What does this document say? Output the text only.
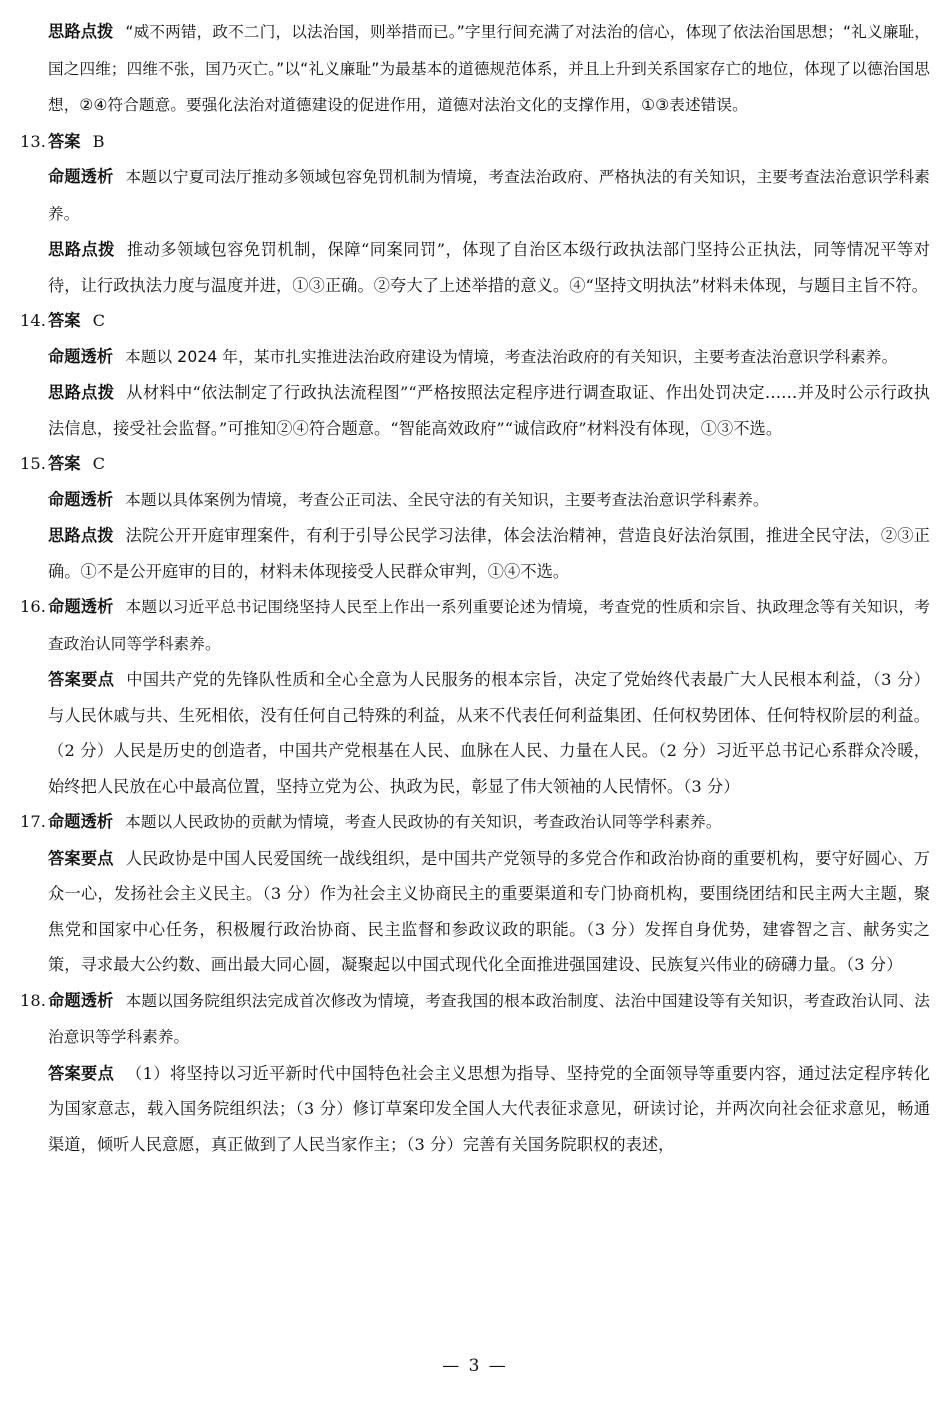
思路点拨 “威不两错，政不二门，以法治国，则举措而已。”字里行间充满了对法治的信心，体现了依法治国思想；“礼义廉耻，国之四维；四维不张，国乃灭亡。”以“礼义廉耻”为最基本的道德规范体系，并且上升到关系国家存亡的地位，体现了以德治国思想，②④符合题意。要强化法治对道德建设的促进作用，道德对法治文化的支撑作用，①③表述错误。

13. 答案 B

命题透析 本题以宁夏司法厅推动多领域包容免罚机制为情境，考查法治政府、严格执法的有关知识，主要考查法治意识学科素养。

思路点拨 推动多领域包容免罚机制，保障“同案同罚”，体现了自治区本级行政执法部门坚持公正执法，同等情况平等对待，让行政执法力度与温度并进，①③正确。②夸大了上述举措的意义。④“坚持文明执法”材料未体现，与题目主旨不符。

14. 答案 C

命题透析 本题以 2024 年，某市扎实推进法治政府建设为情境，考查法治政府的有关知识，主要考查法治意识学科素养。

思路点拨 从材料中“依法制定了行政执法流程图”“严格按照法定程序进行调查取证、作出处罚决定……并及时公示行政执法信息，接受社会监督。”可推知②④符合题意。“智能高效政府”“诚信政府”材料没有体现，①③不选。

15. 答案 C

命题透析 本题以具体案例为情境，考查公正司法、全民守法的有关知识，主要考查法治意识学科素养。

思路点拨 法院公开开庭审理案件，有利于引导公民学习法律，体会法治精神，营造良好法治氛围，推进全民守法，②③正确。①不是公开庭审的目的，材料未体现接受人民群众审判，①④不选。

16. 命题透析 本题以习近平总书记围绕坚持人民至上作出一系列重要论述为情境，考查党的性质和宗旨、执政理念等有关知识，考查政治认同等学科素养。

答案要点 中国共产党的先锋队性质和全心全意为人民服务的根本宗旨，决定了党始终代表最广大人民根本利益，（3 分）与人民休戚与共、生死相依，没有任何自己特殊的利益，从来不代表任何利益集团、任何权势团体、任何特权阶层的利益。（2 分）人民是历史的创造者，中国共产党根基在人民、血脉在人民、力量在人民。（2 分）习近平总书记心系群众冷暖，始终把人民放在心中最高位置，坚持立党为公、执政为民，彰显了伟大领袖的人民情怀。（3 分）

17. 命题透析 本题以人民政协的贡献为情境，考查人民政协的有关知识，考查政治认同等学科素养。

答案要点 人民政协是中国人民爱国统一战线组织，是中国共产党领导的多党合作和政治协商的重要机构，要守好圆心、万众一心，发扬社会主义民主。（3 分）作为社会主义协商民主的重要渠道和专门协商机构，要围绕团结和民主两大主题，聚焦党和国家中心任务，积极履行政治协商、民主监督和参政议政的职能。（3 分）发挥自身优势，建睿智之言、献务实之策，寻求最大公约数、画出最大同心圆，凝聚起以中国式现代化全面推进强国建设、民族复兴伟业的磅礴力量。（3 分）

18. 命题透析 本题以国务院组织法完成首次修改为情境，考查我国的根本政治制度、法治中国建设等有关知识，考查政治认同、法治意识等学科素养。

答案要点 （1）将坚持以习近平新时代中国特色社会主义思想为指导、坚持党的全面领导等重要内容，通过法定程序转化为国家意志，载入国务院组织法；（3 分）修订草案印发全国人大代表征求意见，研读讨论，并两次向社会征求意见，畅通渠道，倾听人民意愿，真正做到了人民当家作主；（3 分）完善有关国务院职权的表述，

— 3 —
